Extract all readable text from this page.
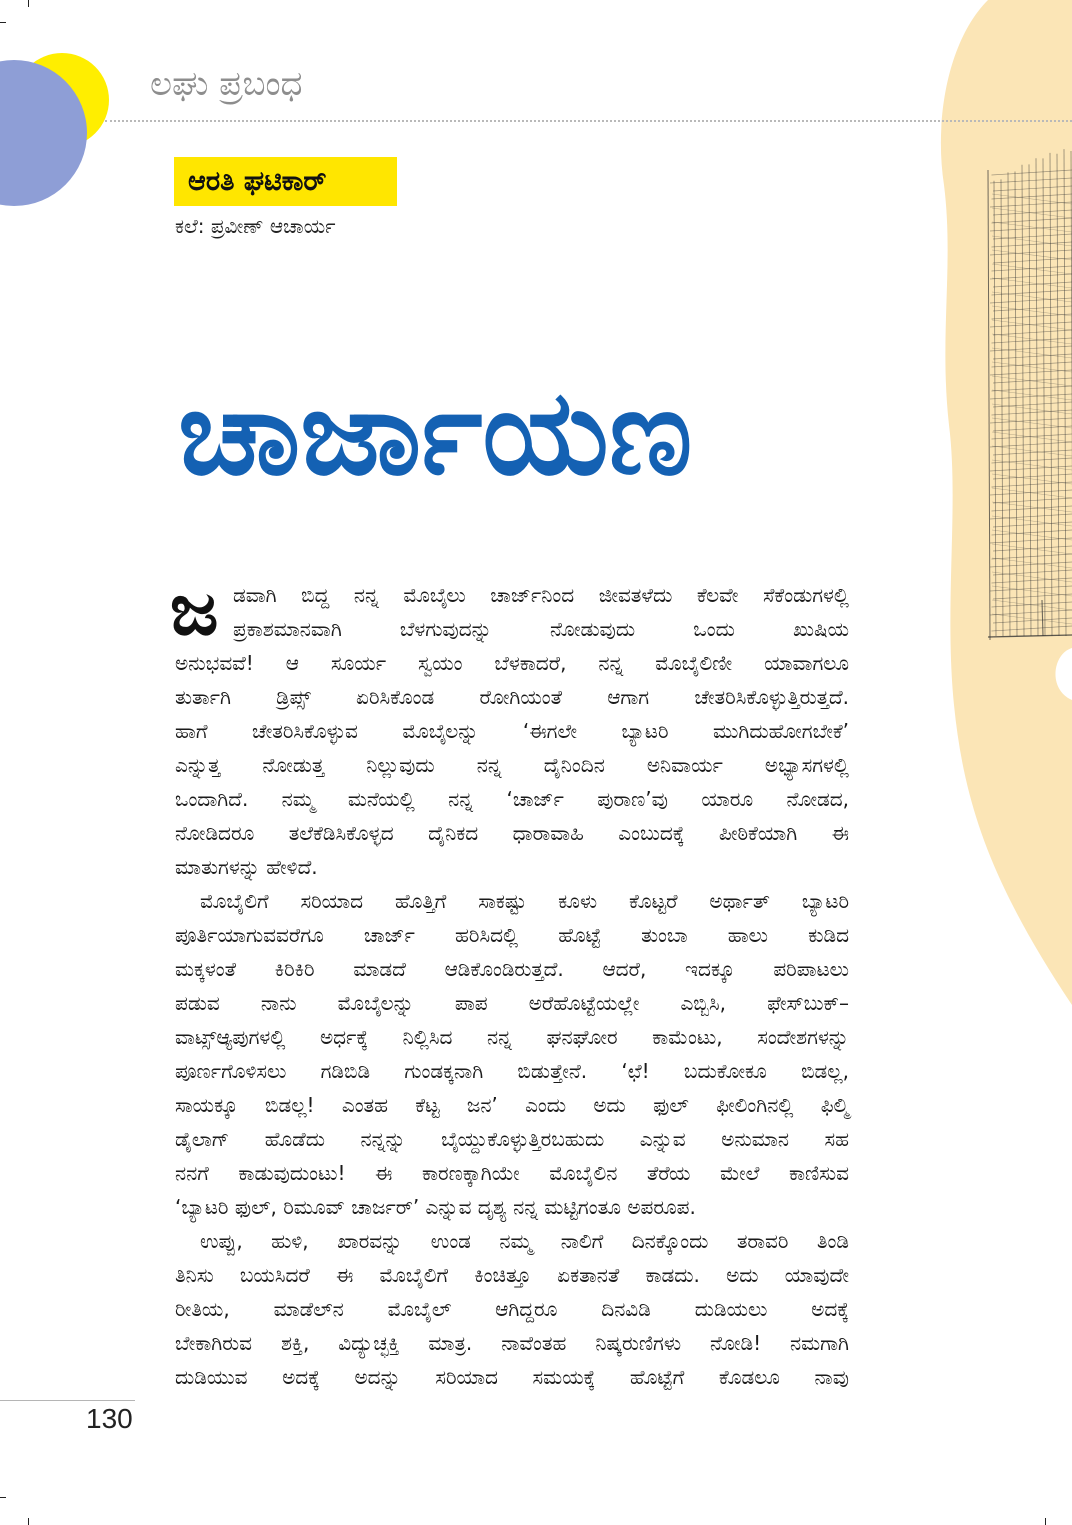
ಲಘು ಪ್ರಬಂಧ
ಆರತಿ ಘಟಿಕಾರ್
ಕಲೆ: ಪ್ರವೀಣ್ ಆಚಾರ್ಯ
ಚಾರ್ಜಾಯಣ
ಜ ಡವಾಗಿ ಬಿದ್ದ ನನ್ನ ಮೊಬೈಲು ಚಾರ್ಜ್‌ನಿಂದ ಜೀವತಳೆದು ಕೆಲವೇ ಸೆಕೆಂಡುಗಳಲ್ಲಿ
ಪ್ರಕಾಶಮಾನವಾಗಿ ಬೆಳಗುವುದನ್ನು ನೋಡುವುದು ಒಂದು ಖುಷಿಯ
ಅನುಭವವೆ! ಆ ಸೂರ್ಯ ಸ್ವಯಂ ಬೆಳಕಾದರೆ, ನನ್ನ ಮೊಬೈಲಿಣೀ ಯಾವಾಗಲೂ
ತುರ್ತಾಗಿ ಡ್ರಿಪ್ಸ್ ಏರಿಸಿಕೊಂಡ ರೋಗಿಯಂತೆ ಆಗಾಗ ಚೇತರಿಸಿಕೊಳ್ಳುತ್ತಿರುತ್ತದೆ.
ಹಾಗೆ ಚೇತರಿಸಿಕೊಳ್ಳುವ ಮೊಬೈಲನ್ನು ‘ಈಗಲೇ ಬ್ಯಾಟರಿ ಮುಗಿದುಹೋಗಬೇಕೆ’
ಎನ್ನುತ್ತ ನೋಡುತ್ತ ನಿಲ್ಲುವುದು ನನ್ನ ದೈನಿಂದಿನ ಅನಿವಾರ್ಯ ಅಭ್ಯಾಸಗಳಲ್ಲಿ
ಒಂದಾಗಿದೆ. ನಮ್ಮ ಮನೆಯಲ್ಲಿ ನನ್ನ ‘ಚಾರ್ಜ್ ಪುರಾಣ’ವು ಯಾರೂ ನೋಡದ,
ನೋಡಿದರೂ ತಲೆಕೆಡಿಸಿಕೊಳ್ಳದ ದೈನಿಕದ ಧಾರಾವಾಹಿ ಎಂಬುದಕ್ಕೆ ಪೀಠಿಕೆಯಾಗಿ ಈ
ಮಾತುಗಳನ್ನು ಹೇಳಿದೆ.
ಮೊಬೈಲಿಗೆ ಸರಿಯಾದ ಹೊತ್ತಿಗೆ ಸಾಕಷ್ಟು ಕೂಳು ಕೊಟ್ಟರೆ ಅರ್ಥಾತ್ ಬ್ಯಾಟರಿ
ಪೂರ್ತಿಯಾಗುವವರೆಗೂ ಚಾರ್ಜ್ ಹರಿಸಿದಲ್ಲಿ ಹೊಟ್ಟೆ ತುಂಬಾ ಹಾಲು ಕುಡಿದ
ಮಕ್ಕಳಂತೆ ಕಿರಿಕಿರಿ ಮಾಡದೆ ಆಡಿಕೊಂಡಿರುತ್ತದೆ. ಆದರೆ, ಇದಕ್ಕೂ ಪರಿಪಾಟಲು
ಪಡುವ ನಾನು ಮೊಬೈಲನ್ನು ಪಾಪ ಅರೆಹೊಟ್ಟೆಯಲ್ಲೇ ಎಬ್ಬಿಸಿ, ಫೇಸ್‌ಬುಕ್–
ವಾಟ್ಸ್‌ಆ್ಯಪುಗಳಲ್ಲಿ ಅರ್ಧಕ್ಕೆ ನಿಲ್ಲಿಸಿದ ನನ್ನ ಘನಘೋರ ಕಾಮೆಂಟು, ಸಂದೇಶಗಳನ್ನು
ಪೂರ್ಣಗೊಳಿಸಲು ಗಡಿಬಿಡಿ ಗುಂಡಕ್ಕನಾಗಿ ಬಿಡುತ್ತೇನೆ. ‘ಛೆ! ಬದುಕೋಕೂ ಬಿಡಲ್ಲ,
ಸಾಯಕ್ಕೂ ಬಿಡಲ್ಲ! ಎಂತಹ ಕೆಟ್ಟ ಜನ’ ಎಂದು ಅದು ಫುಲ್ ಫೀಲಿಂಗಿನಲ್ಲಿ ಫಿಲ್ಮಿ
ಡೈಲಾಗ್ ಹೊಡೆದು ನನ್ನನ್ನು ಬೈಯ್ದುಕೊಳ್ಳುತ್ತಿರಬಹುದು ಎನ್ನುವ ಅನುಮಾನ ಸಹ
ನನಗೆ ಕಾಡುವುದುಂಟು! ಈ ಕಾರಣಕ್ಕಾಗಿಯೇ ಮೊಬೈಲಿನ ತೆರೆಯ ಮೇಲೆ ಕಾಣಿಸುವ
‘ಬ್ಯಾಟರಿ ಫುಲ್, ರಿಮೂವ್ ಚಾರ್ಜರ್’ ಎನ್ನುವ ದೃಶ್ಯ ನನ್ನ ಮಟ್ಟಿಗಂತೂ ಅಪರೂಪ.
ಉಪ್ಪು, ಹುಳಿ, ಖಾರವನ್ನು ಉಂಡ ನಮ್ಮ ನಾಲಿಗೆ ದಿನಕ್ಕೊಂದು ತರಾವರಿ ತಿಂಡಿ
ತಿನಿಸು ಬಯಸಿದರೆ ಈ ಮೊಬೈಲಿಗೆ ಕಿಂಚಿತ್ತೂ ಏಕತಾನತೆ ಕಾಡದು. ಅದು ಯಾವುದೇ
ರೀತಿಯ, ಮಾಡೆಲ್‌ನ ಮೊಬೈಲ್ ಆಗಿದ್ದರೂ ದಿನವಿಡಿ ದುಡಿಯಲು ಅದಕ್ಕೆ
ಬೇಕಾಗಿರುವ ಶಕ್ತಿ, ವಿದ್ಯುಚ್ಛಕ್ತಿ ಮಾತ್ರ. ನಾವೆಂತಹ ನಿಷ್ಕರುಣಿಗಳು ನೋಡಿ! ನಮಗಾಗಿ
ದುಡಿಯುವ ಅದಕ್ಕೆ ಅದನ್ನು ಸರಿಯಾದ ಸಮಯಕ್ಕೆ ಹೊಟ್ಟೆಗೆ ಕೊಡಲೂ ನಾವು
130
